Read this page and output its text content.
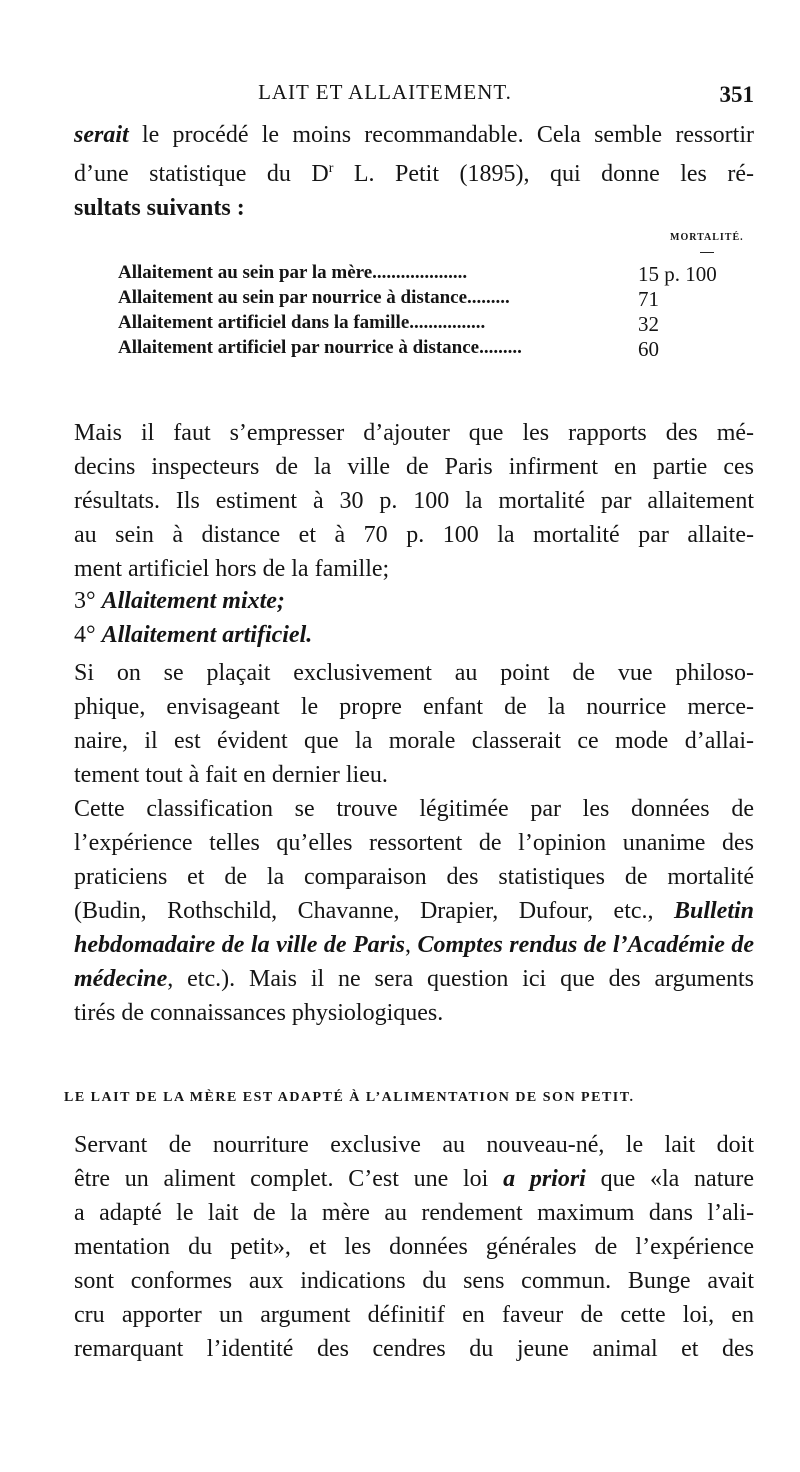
LAIT ET ALLAITEMENT.	351
serait le procédé le moins recommandable. Cela semble ressortir
d’une statistique du $D^r$ L. Petit (1895), qui donne les ré-
sultats suivants :
MORTALITÉ.
Allaitement au sein par la mère....................	15 p. 100
Allaitement au sein par nourrice à distance.........	71
Allaitement artificiel dans la famille................	32
Allaitement artificiel par nourrice à distance.........	60
Mais il faut s’empresser d’ajouter que les rapports des mé-
decins inspecteurs de la ville de Paris infirment en partie ces
résultats. Ils estiment à 30 p. 100 la mortalité par allaitement
au sein à distance et à 70 p. 100 la mortalité par allaite-
ment artificiel hors de la famille;
3° Allaitement mixte;
4° Allaitement artificiel.
Si on se plaçait exclusivement au point de vue philoso-
phique, envisageant le propre enfant de la nourrice merce-
naire, il est évident que la morale classerait ce mode d’allai-
tement tout à fait en dernier lieu.
Cette classification se trouve légitimée par les données de
l’expérience telles qu’elles ressortent de l’opinion unanime des
praticiens et de la comparaison des statistiques de mortalité
(Budin, Rothschild, Chavanne, Drapier, Dufour, etc., Bulletin
hebdomadaire de la ville de Paris, Comptes rendus de l’Académie de
médecine, etc.). Mais il ne sera question ici que des arguments
tirés de connaissances physiologiques.
LE LAIT DE LA MÈRE EST ADAPTÉ À L’ALIMENTATION DE SON PETIT.
Servant de nourriture exclusive au nouveau-né, le lait doit
être un aliment complet. C’est une loi a priori que «la nature
a adapté le lait de la mère au rendement maximum dans l’ali-
mentation du petit», et les données générales de l’expérience
sont conformes aux indications du sens commun. Bunge avait
cru apporter un argument définitif en faveur de cette loi, en
remarquant l’identité des cendres du jeune animal et des
